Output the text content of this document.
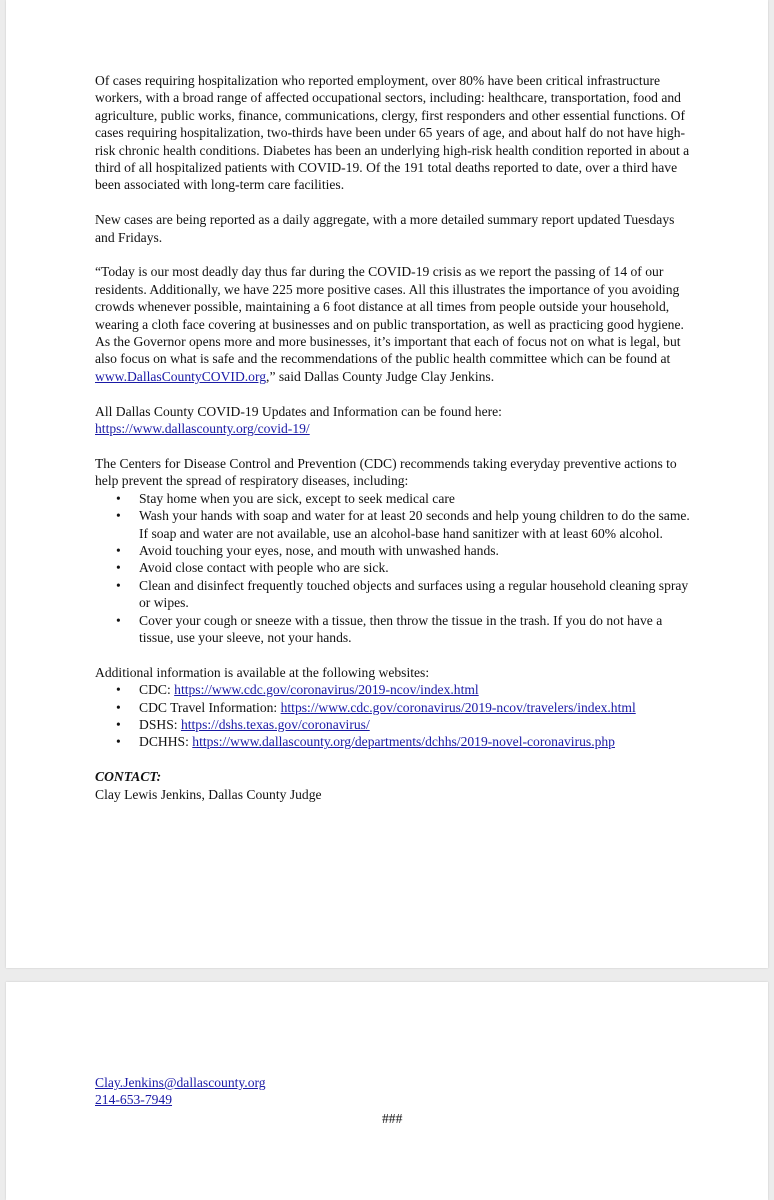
Of cases requiring hospitalization who reported employment, over 80% have been critical infrastructure workers, with a broad range of affected occupational sectors, including: healthcare, transportation, food and agriculture, public works, finance, communications, clergy, first responders and other essential functions. Of cases requiring hospitalization, two-thirds have been under 65 years of age, and about half do not have high-risk chronic health conditions. Diabetes has been an underlying high-risk health condition reported in about a third of all hospitalized patients with COVID-19. Of the 191 total deaths reported to date, over a third have been associated with long-term care facilities.

New cases are being reported as a daily aggregate, with a more detailed summary report updated Tuesdays and Fridays.

“Today is our most deadly day thus far during the COVID-19 crisis as we report the passing of 14 of our residents. Additionally, we have 225 more positive cases. All this illustrates the importance of you avoiding crowds whenever possible, maintaining a 6 foot distance at all times from people outside your household, wearing a cloth face covering at businesses and on public transportation, as well as practicing good hygiene. As the Governor opens more and more businesses, it’s important that each of focus not on what is legal, but also focus on what is safe and the recommendations of the public health committee which can be found at www.DallasCountyCOVID.org,” said Dallas County Judge Clay Jenkins.

All Dallas County COVID-19 Updates and Information can be found here:
https://www.dallascounty.org/covid-19/

The Centers for Disease Control and Prevention (CDC) recommends taking everyday preventive actions to help prevent the spread of respiratory diseases, including:

• Stay home when you are sick, except to seek medical care
• Wash your hands with soap and water for at least 20 seconds and help young children to do the same. If soap and water are not available, use an alcohol-base hand sanitizer with at least 60% alcohol.
• Avoid touching your eyes, nose, and mouth with unwashed hands.
• Avoid close contact with people who are sick.
• Clean and disinfect frequently touched objects and surfaces using a regular household cleaning spray or wipes.
• Cover your cough or sneeze with a tissue, then throw the tissue in the trash. If you do not have a tissue, use your sleeve, not your hands.

Additional information is available at the following websites:

• CDC: https://www.cdc.gov/coronavirus/2019-ncov/index.html
• CDC Travel Information: https://www.cdc.gov/coronavirus/2019-ncov/travelers/index.html
• DSHS: https://dshs.texas.gov/coronavirus/
• DCHHS: https://www.dallascounty.org/departments/dchhs/2019-novel-coronavirus.php

CONTACT:

Clay Lewis Jenkins, Dallas County Judge

Clay.Jenkins@dallascounty.org
214-653-7949
###
